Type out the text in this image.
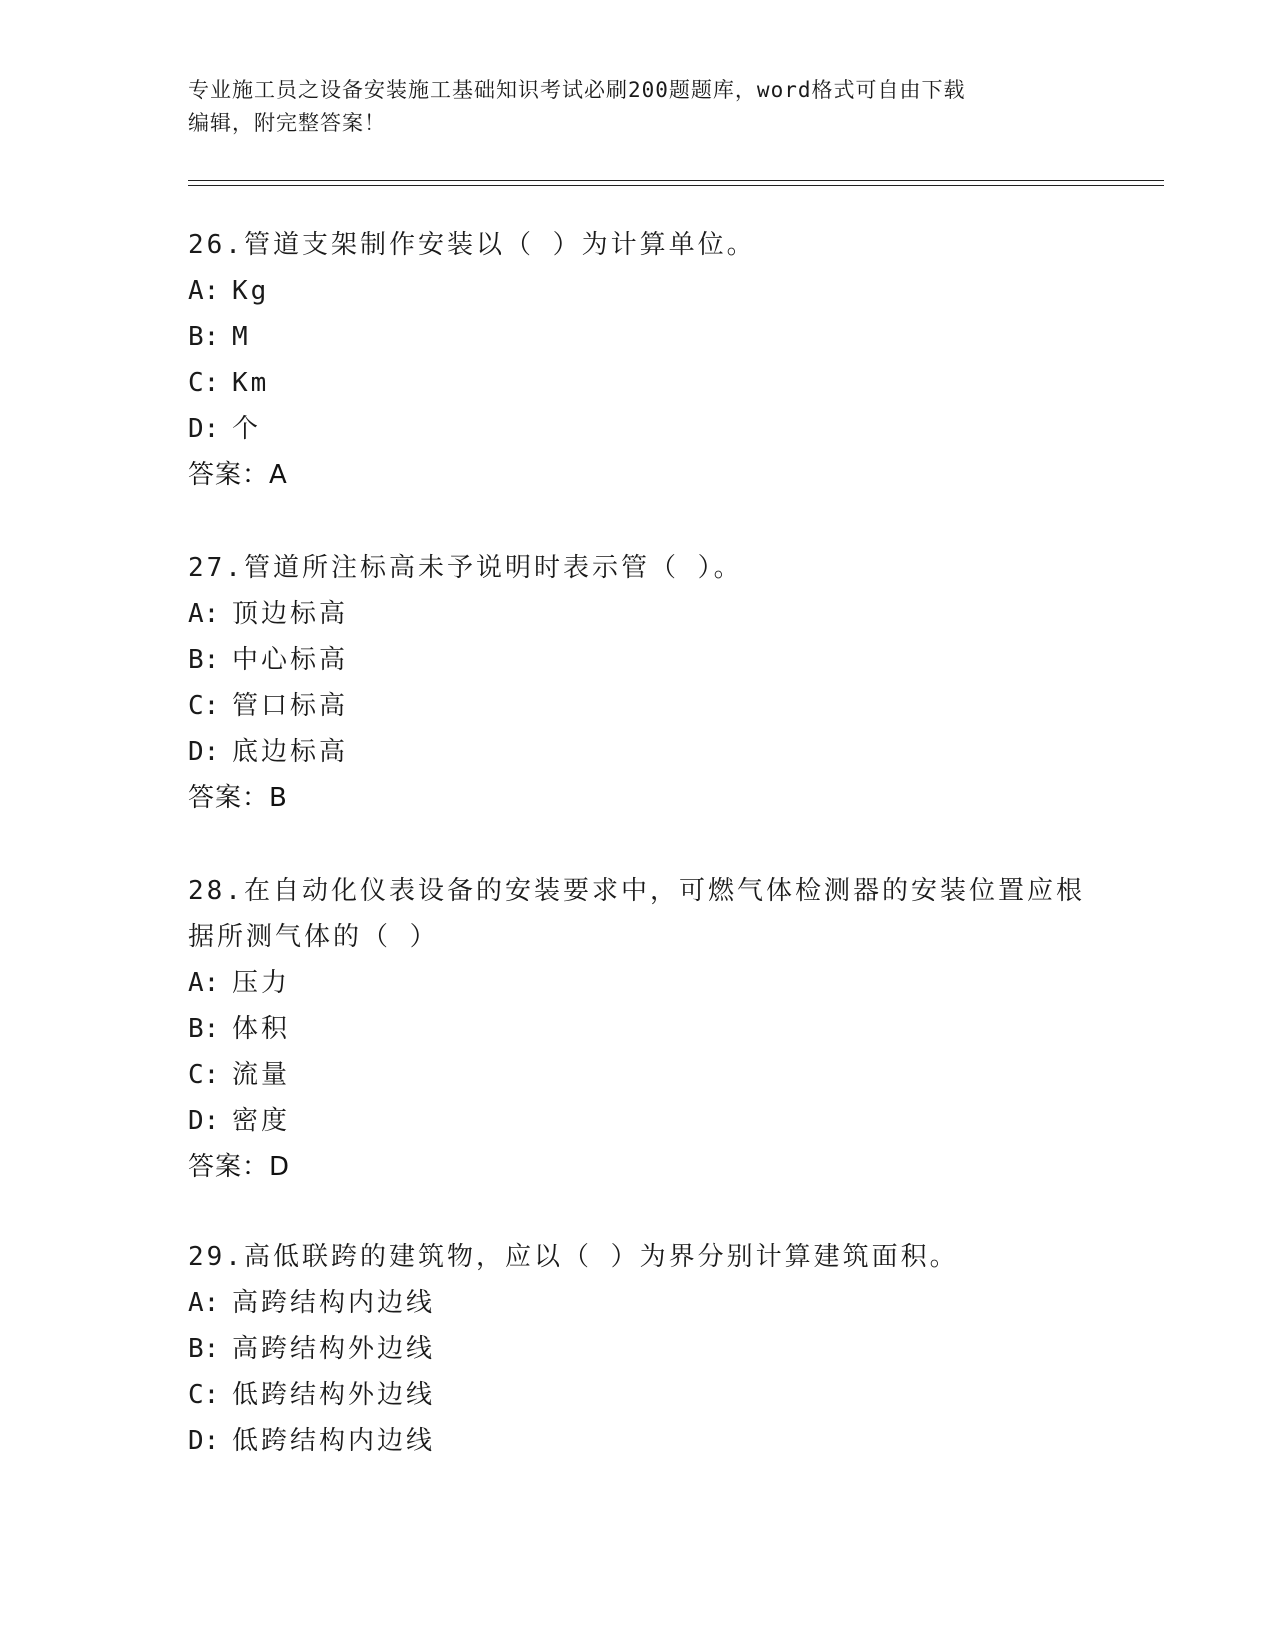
专业施工员之设备安装施工基础知识考试必刷200题题库，word格式可自由下载
编辑，附完整答案！
26.管道支架制作安装以（ ）为计算单位。
A: Kg
B: M
C: Km
D: 个
答案：A
27.管道所注标高未予说明时表示管（ ）。
A: 顶边标高
B: 中心标高
C: 管口标高
D: 底边标高
答案：B
28.在自动化仪表设备的安装要求中，可燃气体检测器的安装位置应根
据所测气体的（ ）
A: 压力
B: 体积
C: 流量
D: 密度
答案：D
29.高低联跨的建筑物，应以（ ）为界分别计算建筑面积。
A: 高跨结构内边线
B: 高跨结构外边线
C: 低跨结构外边线
D: 低跨结构内边线
